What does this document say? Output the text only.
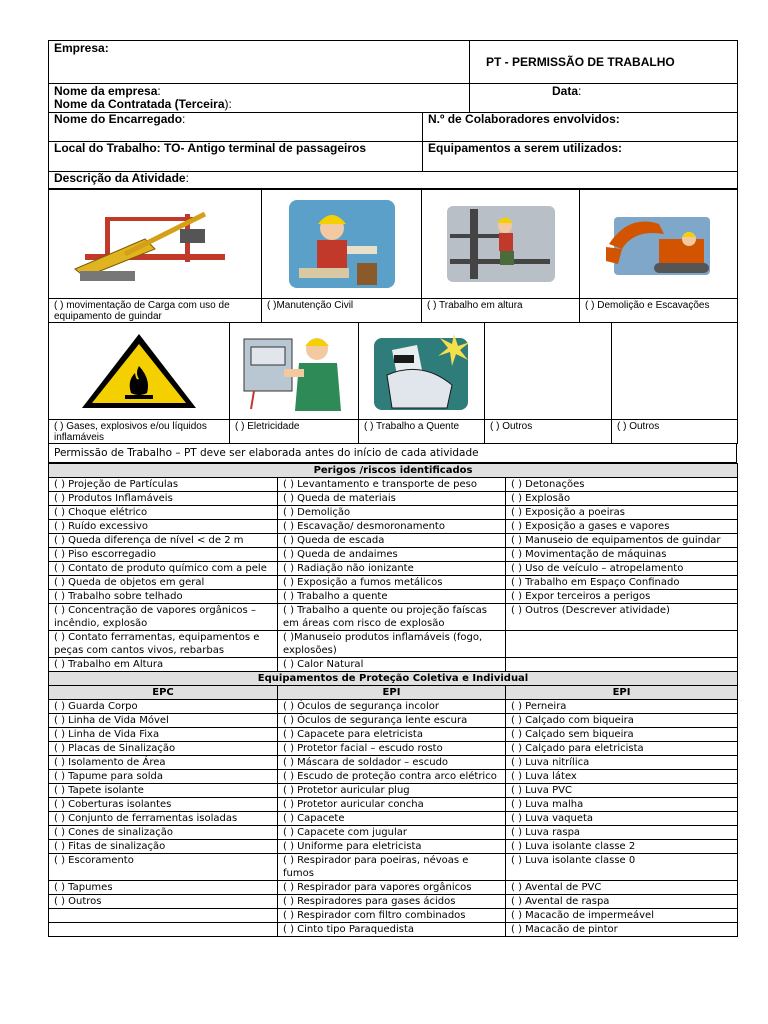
Empresa:		PT - PERMISSÃO DE TRABALHO
Nome da empresa:
Nome da Contratada (Terceira):		Data:
Nome do Encarregado:	N.º de Colaboradores envolvidos:	
Local do Trabalho: TO- Antigo terminal de passageiros	Equipamentos a serem utilizados:	
Descrição da Atividade:		
( ) movimentação de Carga com uso de equipamento de guindar

( )Manutenção Civil	( ) Trabalho em altura	( ) Demolição e Escavações
( ) Gases, explosivos e/ou líquidos inflamáveis

( ) Eletricidade	( ) Trabalho a Quente	( ) Outros	( ) Outros
Permissão de Trabalho – PT deve ser elaborada antes do início de cada atividade
Perigos /riscos identificados		
( ) Projeção de Partículas	( ) Levantamento e transporte de peso	( ) Detonações
( ) Produtos Inflamáveis	( ) Queda de materiais	( ) Explosão
( ) Choque elétrico	( ) Demolição	( ) Exposição a poeiras
( ) Ruído excessivo	( ) Escavação/ desmoronamento	( ) Exposição a gases e vapores
( ) Queda diferença de nível < de 2 m	( ) Queda de escada	( ) Manuseio de equipamentos de guindar
( ) Piso escorregadio	( ) Queda de andaimes	( ) Movimentação de máquinas
( ) Contato de produto químico com a pele	( ) Radiação não ionizante	( ) Uso de veículo – atropelamento
( ) Queda de objetos em geral	( ) Exposição a fumos metálicos	( ) Trabalho em Espaço Confinado
( ) Trabalho sobre telhado	( ) Trabalho a quente	( ) Expor terceiros a perigos
( ) Concentração de vapores orgânicos – incêndio, explosão	( ) Trabalho a quente ou projeção faíscas em áreas com risco de explosão	( ) Outros (Descrever atividade)
( ) Contato ferramentas, equipamentos e peças com cantos vivos, rebarbas	( )Manuseio produtos inflamáveis (fogo, explosões)	
( ) Trabalho em Altura	( ) Calor Natural	
Equipamentos de Proteção Coletiva e Individual		
EPC	EPI	EPI
( ) Guarda Corpo	( ) Óculos de segurança incolor	( ) Perneira
( ) Linha de Vida Móvel	( ) Óculos de segurança lente escura	( ) Calçado com biqueira
( ) Linha de Vida Fixa	( ) Capacete para eletricista	( ) Calçado sem biqueira
( ) Placas de Sinalização	( ) Protetor facial – escudo rosto	( ) Calçado para eletricista
( ) Isolamento de Área	( ) Máscara de soldador – escudo	( ) Luva nitrílica
( ) Tapume para solda	( ) Escudo de proteção contra arco elétrico	( ) Luva látex
( ) Tapete isolante	( ) Protetor auricular plug	( ) Luva PVC
( ) Coberturas isolantes	( ) Protetor auricular concha	( ) Luva malha
( ) Conjunto de ferramentas isoladas	( ) Capacete	( ) Luva vaqueta
( ) Cones de sinalização	( ) Capacete com jugular	( ) Luva raspa
( ) Fitas de sinalização	( ) Uniforme para eletricista	( ) Luva isolante classe 2
( ) Escoramento	( ) Respirador para poeiras, névoas e fumos	( ) Luva isolante classe 0
( ) Tapumes	( ) Respirador para vapores orgânicos	( ) Avental de PVC
( ) Outros	( ) Respiradores para gases ácidos	( ) Avental de raspa
	( ) Respirador com filtro combinados	( ) Macacão de impermeável
	( ) Cinto tipo Paraquedista	( ) Macacão de pintor
